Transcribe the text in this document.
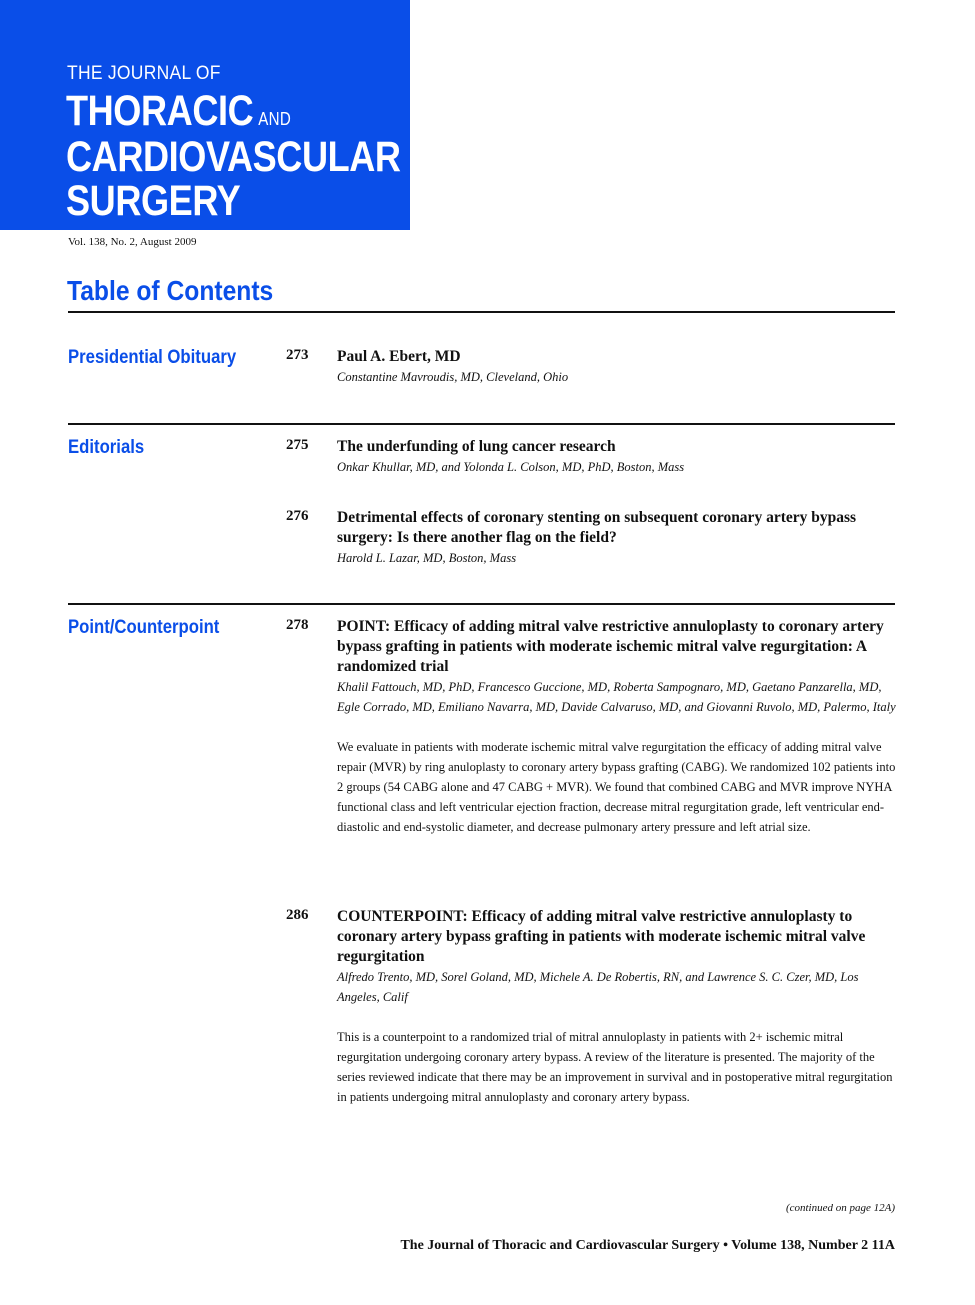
THE JOURNAL OF
THORACIC AND
CARDIOVASCULAR
SURGERY
Vol. 138, No. 2, August 2009
Table of Contents
Presidential Obituary	273 Paul A. Ebert, MD
Constantine Mavroudis, MD, Cleveland, Ohio
Editorials	275 The underfunding of lung cancer research
Onkar Khullar, MD, and Yolonda L. Colson, MD, PhD, Boston, Mass
276 Detrimental effects of coronary stenting on subsequent coronary artery bypass surgery: Is there another flag on the field?
Harold L. Lazar, MD, Boston, Mass
Point/Counterpoint	278 POINT: Efficacy of adding mitral valve restrictive annuloplasty to coronary artery bypass grafting in patients with moderate ischemic mitral valve regurgitation: A randomized trial
Khalil Fattouch, MD, PhD, Francesco Guccione, MD, Roberta Sampognaro, MD, Gaetano Panzarella, MD, Egle Corrado, MD, Emiliano Navarra, MD, Davide Calvaruso, MD, and Giovanni Ruvolo, MD, Palermo, Italy
We evaluate in patients with moderate ischemic mitral valve regurgitation the efficacy of adding mitral valve repair (MVR) by ring anuloplasty to coronary artery bypass grafting (CABG). We randomized 102 patients into 2 groups (54 CABG alone and 47 CABG + MVR). We found that combined CABG and MVR improve NYHA functional class and left ventricular ejection fraction, decrease mitral regurgitation grade, left ventricular end-diastolic and end-systolic diameter, and decrease pulmonary artery pressure and left atrial size.
286 COUNTERPOINT: Efficacy of adding mitral valve restrictive annuloplasty to coronary artery bypass grafting in patients with moderate ischemic mitral valve regurgitation
Alfredo Trento, MD, Sorel Goland, MD, Michele A. De Robertis, RN, and Lawrence S. C. Czer, MD, Los Angeles, Calif
This is a counterpoint to a randomized trial of mitral annuloplasty in patients with 2+ ischemic mitral regurgitation undergoing coronary artery bypass. A review of the literature is presented. The majority of the series reviewed indicate that there may be an improvement in survival and in postoperative mitral regurgitation in patients undergoing mitral annuloplasty and coronary artery bypass.
(continued on page 12A)
The Journal of Thoracic and Cardiovascular Surgery • Volume 138, Number 2 11A
